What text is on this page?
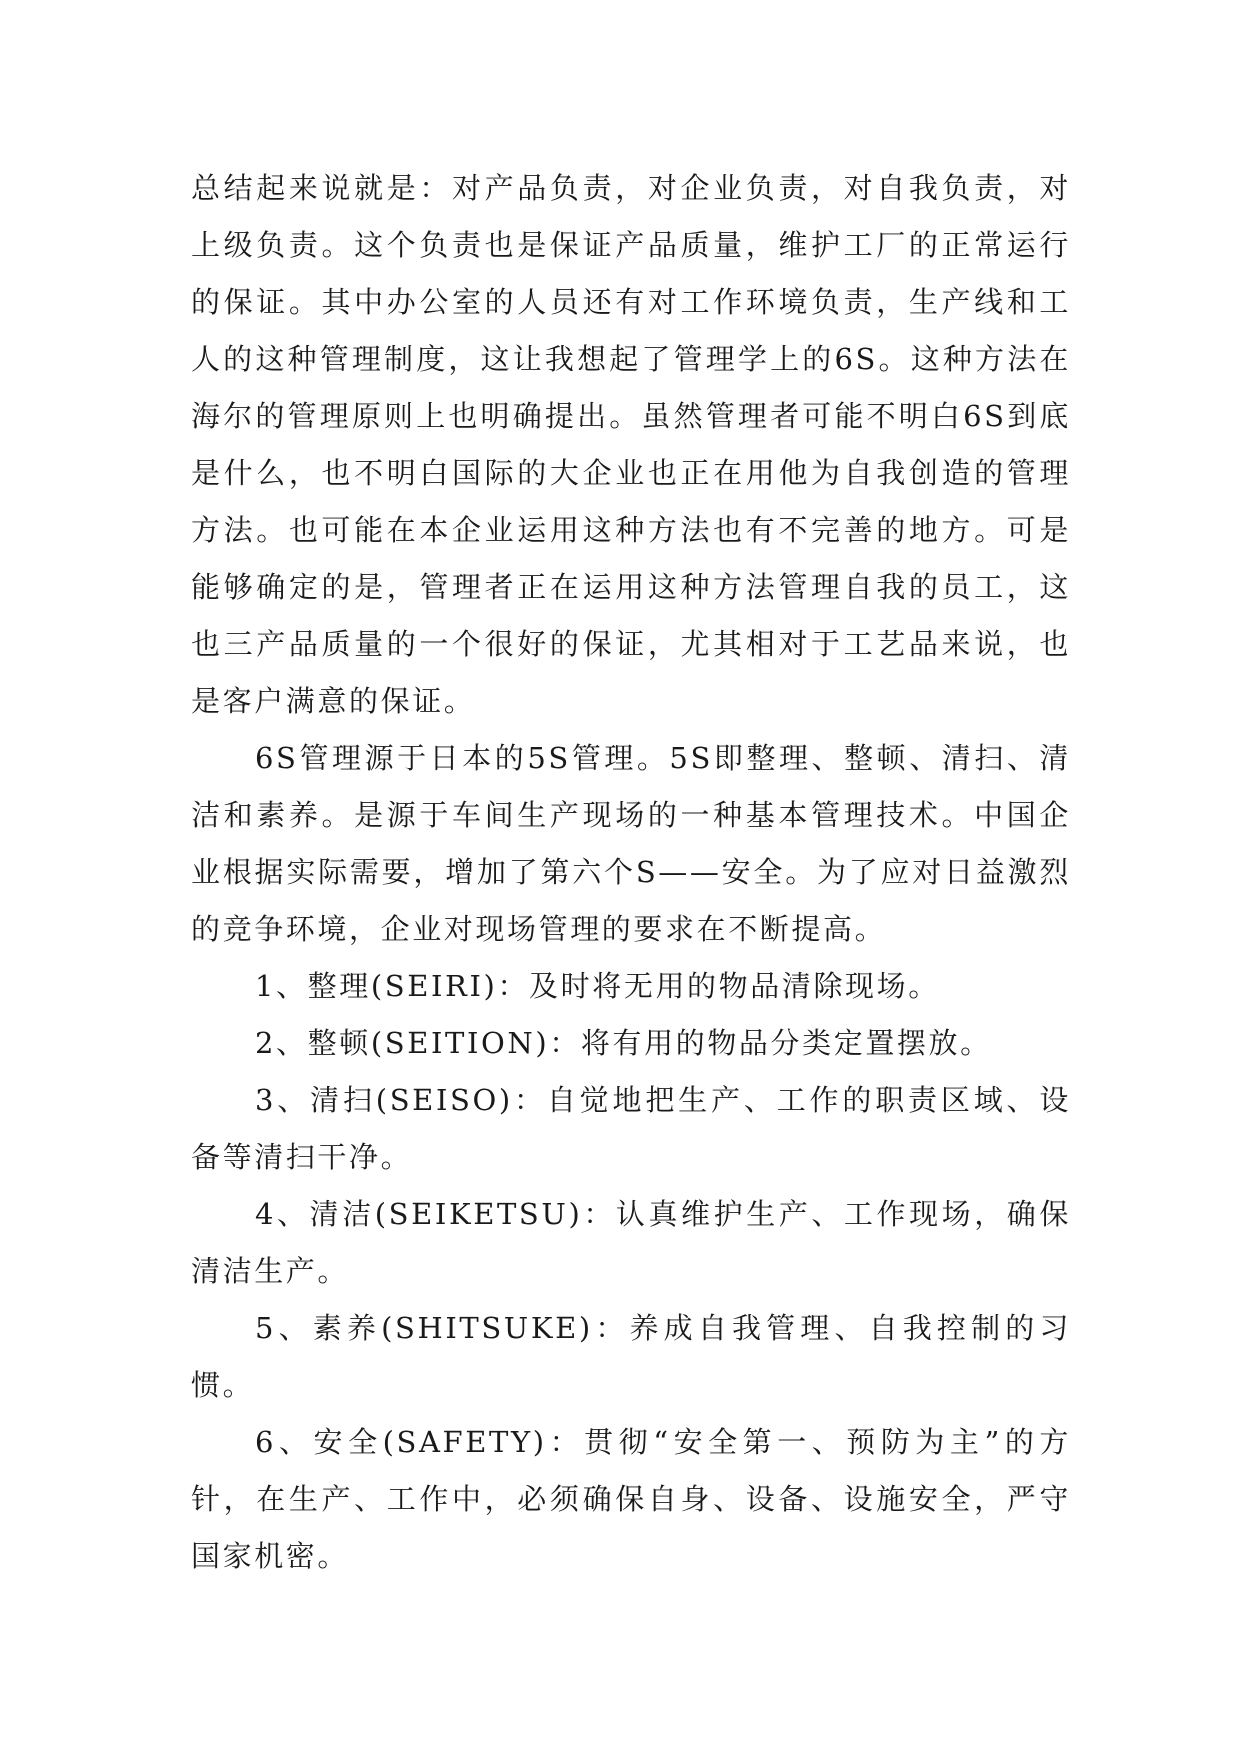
总结起来说就是：对产品负责，对企业负责，对自我负责，对上级负责。这个负责也是保证产品质量，维护工厂的正常运行的保证。其中办公室的人员还有对工作环境负责，生产线和工人的这种管理制度，这让我想起了管理学上的6S。这种方法在海尔的管理原则上也明确提出。虽然管理者可能不明白6S到底是什么，也不明白国际的大企业也正在用他为自我创造的管理方法。也可能在本企业运用这种方法也有不完善的地方。可是能够确定的是，管理者正在运用这种方法管理自我的员工，这也三产品质量的一个很好的保证，尤其相对于工艺品来说，也是客户满意的保证。

6S管理源于日本的5S管理。5S即整理、整顿、清扫、清洁和素养。是源于车间生产现场的一种基本管理技术。中国企业根据实际需要，增加了第六个S——安全。为了应对日益激烈的竞争环境，企业对现场管理的要求在不断提高。

1、整理(SEIRI)：及时将无用的物品清除现场。

2、整顿(SEITION)：将有用的物品分类定置摆放。

3、清扫(SEISO)：自觉地把生产、工作的职责区域、设备等清扫干净。

4、清洁(SEIKETSU)：认真维护生产、工作现场，确保清洁生产。

5、素养(SHITSUKE)：养成自我管理、自我控制的习惯。

6、安全(SAFETY)：贯彻“安全第一、预防为主”的方针，在生产、工作中，必须确保自身、设备、设施安全，严守国家机密。
